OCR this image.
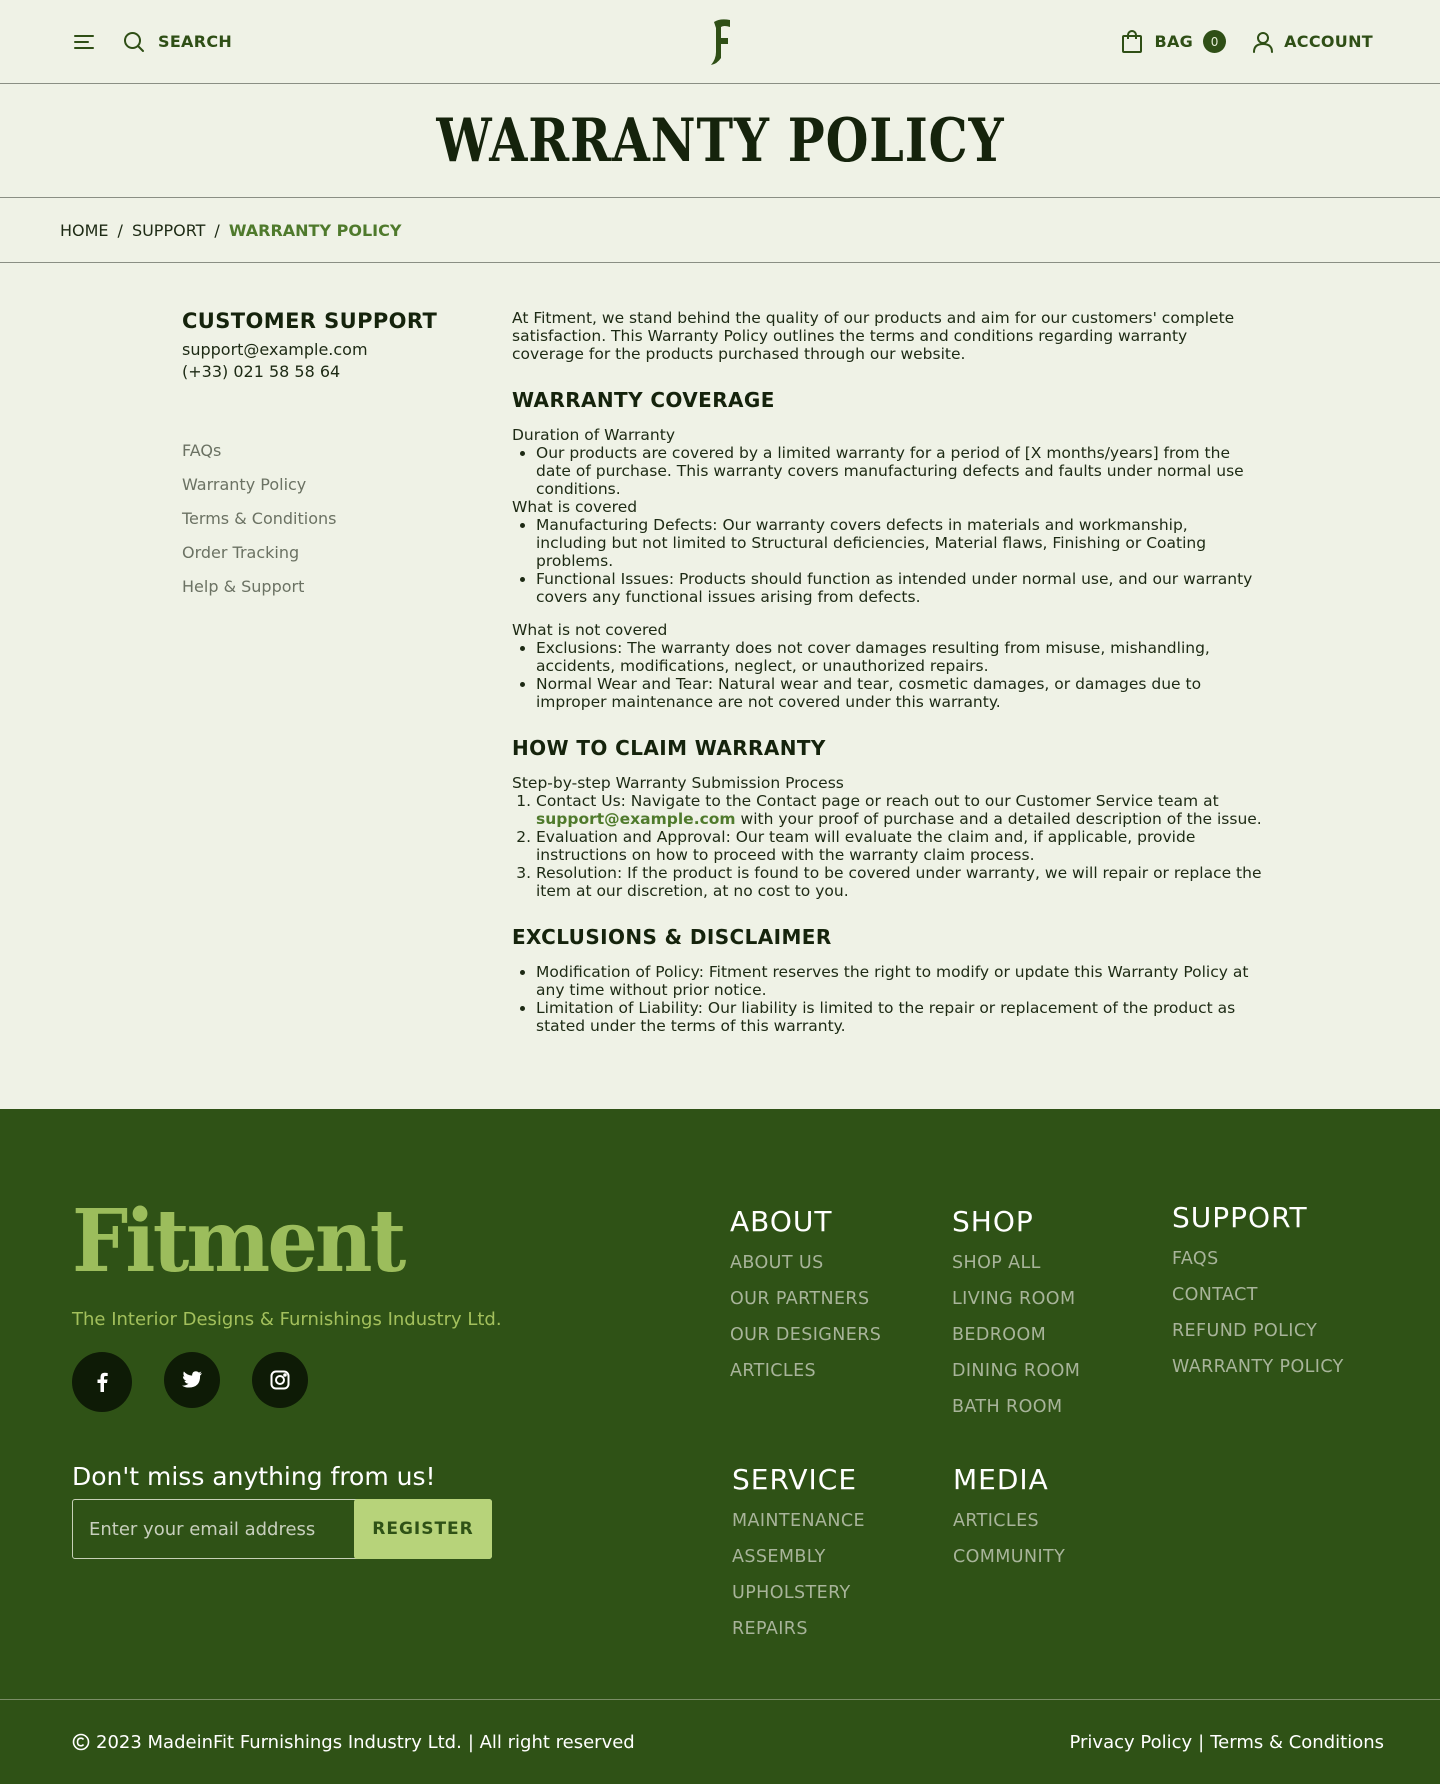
SEARCH	BAG	0	ACCOUNT
WARRANTY POLICY
HOME / SUPPORT / WARRANTY POLICY
CUSTOMER SUPPORT
support@example.com
(+33) 021 58 58 64
FAQs
Warranty Policy
Terms & Conditions
Order Tracking
Help & Support

At Fitment, we stand behind the quality of our products and aim for our customers' complete satisfaction. This Warranty Policy outlines the terms and conditions regarding warranty coverage for the products purchased through our website.

WARRANTY COVERAGE
Duration of Warranty
• Our products are covered by a limited warranty for a period of [X months/years] from the date of purchase. This warranty covers manufacturing defects and faults under normal use conditions.
What is covered
• Manufacturing Defects: Our warranty covers defects in materials and workmanship, including but not limited to Structural deficiencies, Material flaws, Finishing or Coating problems.
• Functional Issues: Products should function as intended under normal use, and our warranty covers any functional issues arising from defects.
What is not covered
• Exclusions: The warranty does not cover damages resulting from misuse, mishandling, accidents, modifications, neglect, or unauthorized repairs.
• Normal Wear and Tear: Natural wear and tear, cosmetic damages, or damages due to improper maintenance are not covered under this warranty.
HOW TO CLAIM WARRANTY
Step-by-step Warranty Submission Process
1. Contact Us: Navigate to the Contact page or reach out to our Customer Service team at support@example.com with your proof of purchase and a detailed description of the issue.
2. Evaluation and Approval: Our team will evaluate the claim and, if applicable, provide instructions on how to proceed with the warranty claim process.
3. Resolution: If the product is found to be covered under warranty, we will repair or replace the item at our discretion, at no cost to you.
EXCLUSIONS & DISCLAIMER
• Modification of Policy: Fitment reserves the right to modify or update this Warranty Policy at any time without prior notice.
• Limitation of Liability: Our liability is limited to the repair or replacement of the product as stated under the terms of this warranty.
Fitment
The Interior Designs & Furnishings Industry Ltd.
Don't miss anything from us!
Enter your email address
REGISTER
ABOUT
ABOUT US
OUR PARTNERS
OUR DESIGNERS
ARTICLES
SHOP
SHOP ALL
LIVING ROOM
BEDROOM
DINING ROOM
BATH ROOM
SUPPORT
FAQS
CONTACT
REFUND POLICY
WARRANTY POLICY
SERVICE
MAINTENANCE
ASSEMBLY
UPHOLSTERY
REPAIRS
MEDIA
ARTICLES
COMMUNITY
2023 MadeinFit Furnishings Industry Ltd. | All right reserved	Privacy Policy | Terms & Conditions
